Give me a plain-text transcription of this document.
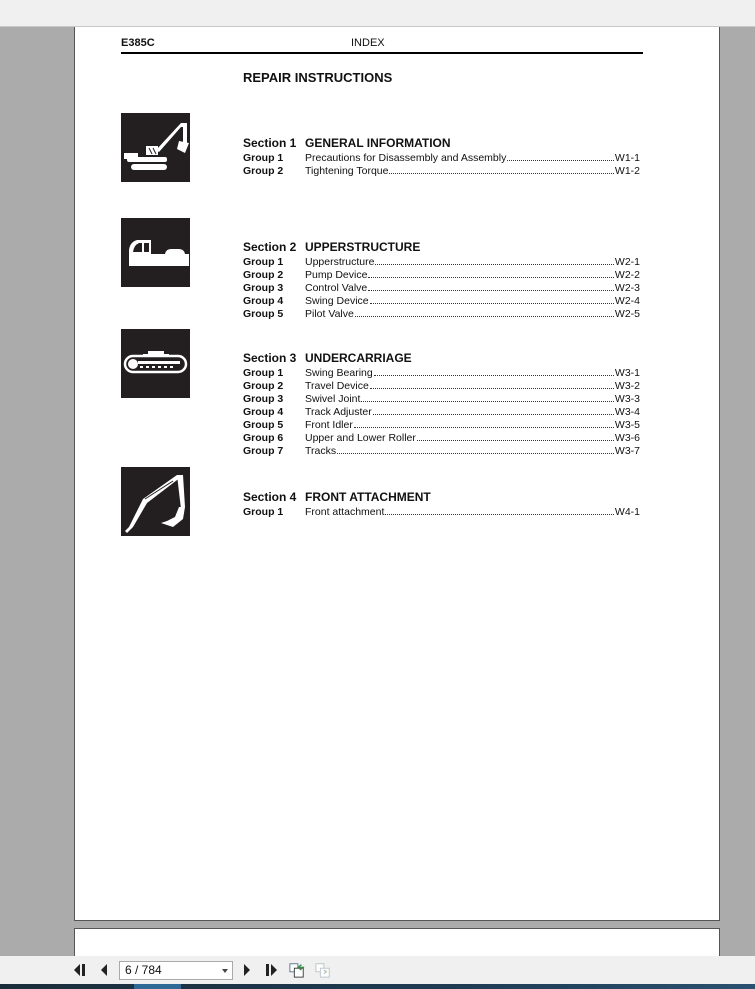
E385C	INDEX
REPAIR INSTRUCTIONS
Section 1 GENERAL INFORMATION
Group 1	Precautions for Disassembly and Assembly	W1-1
Group 2	Tightening Torque	W1-2
Section 2 UPPERSTRUCTURE
Group 1	Upperstructure	W2-1
Group 2	Pump Device	W2-2
Group 3	Control Valve	W2-3
Group 4	Swing Device	W2-4
Group 5	Pilot Valve	W2-5
Section 3 UNDERCARRIAGE
Group 1	Swing Bearing	W3-1
Group 2	Travel Device	W3-2
Group 3	Swivel Joint	W3-3
Group 4	Track Adjuster	W3-4
Group 5	Front Idler	W3-5
Group 6	Upper and Lower Roller	W3-6
Group 7	Tracks	W3-7
Section 4 FRONT ATTACHMENT
Group 1	Front attachment	W4-1
6 / 784
